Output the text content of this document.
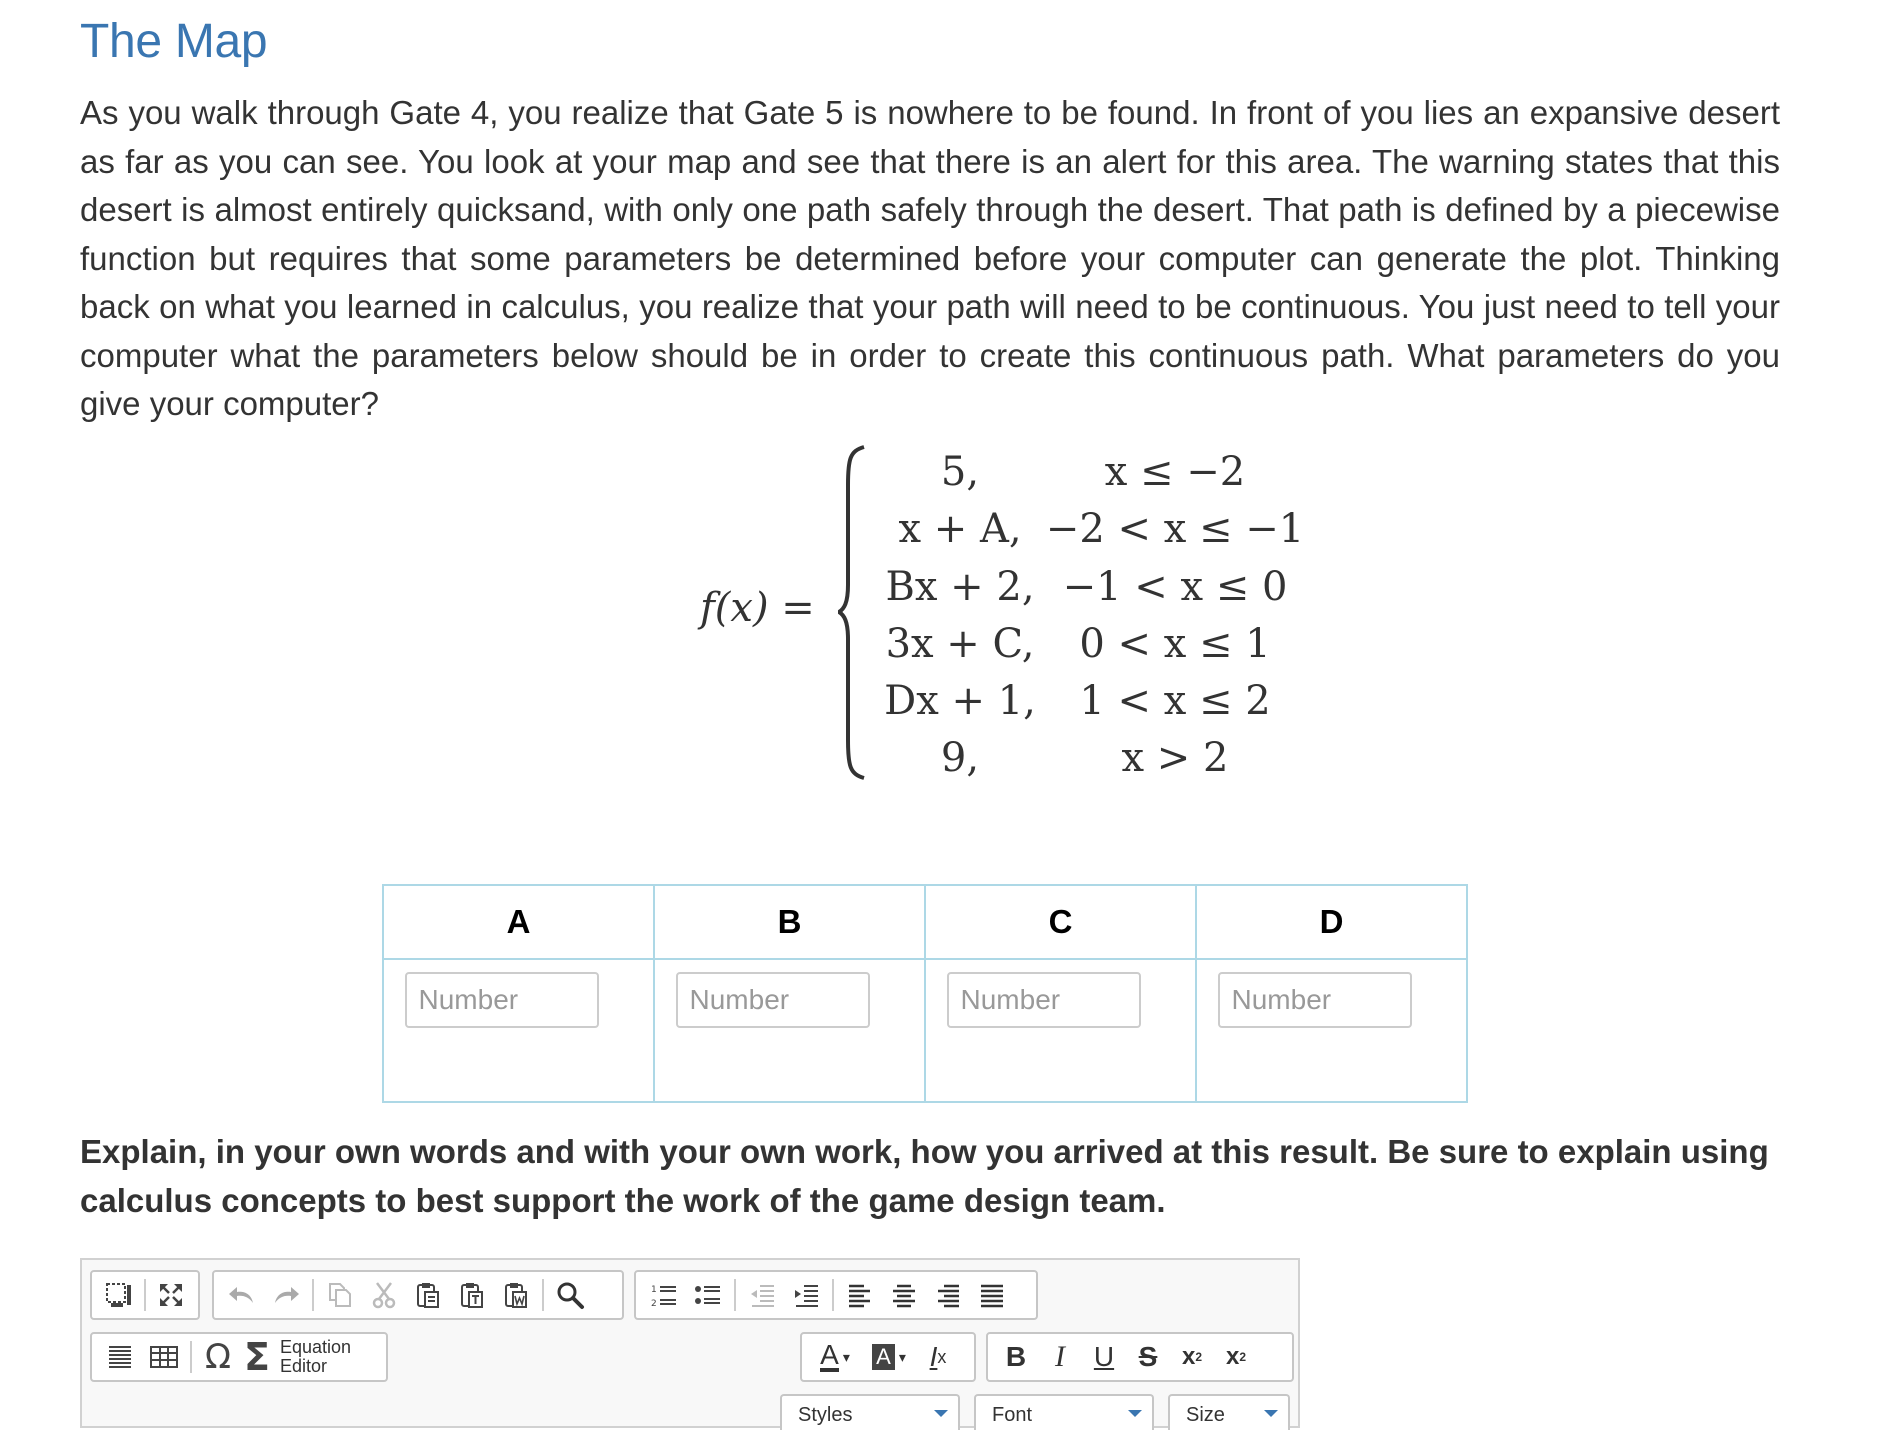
The Map

As you walk through Gate 4, you realize that Gate 5 is nowhere to be found. In front of you lies an expansive desert as far as you can see. You look at your map and see that there is an alert for this area. The warning states that this desert is almost entirely quicksand, with only one path safely through the desert. That path is defined by a piecewise function but requires that some parameters be determined before your computer can generate the plot. Thinking back on what you learned in calculus, you realize that your path will need to be continuous. You just need to tell your computer what the parameters below should be in order to create this continuous path. What parameters do you give your computer?

f(x) =
5,	x ≤ −2
x + A, −2 < x ≤ −1
Bx + 2, −1 < x ≤ 0
3x + C,	0 < x ≤ 1
Dx + 1,	1 < x ≤ 2
9,	x > 2
A	B	C	D
Number	Number	Number	Number

Explain, in your own words and with your own work, how you arrived at this result. Be sure to explain using calculus concepts to best support the work of the game design team.

1
2
Ω Σ Equation
Editor	A ▾ A ▾ I x	B I	U S	x 2 x 2
Styles	Font	Size
